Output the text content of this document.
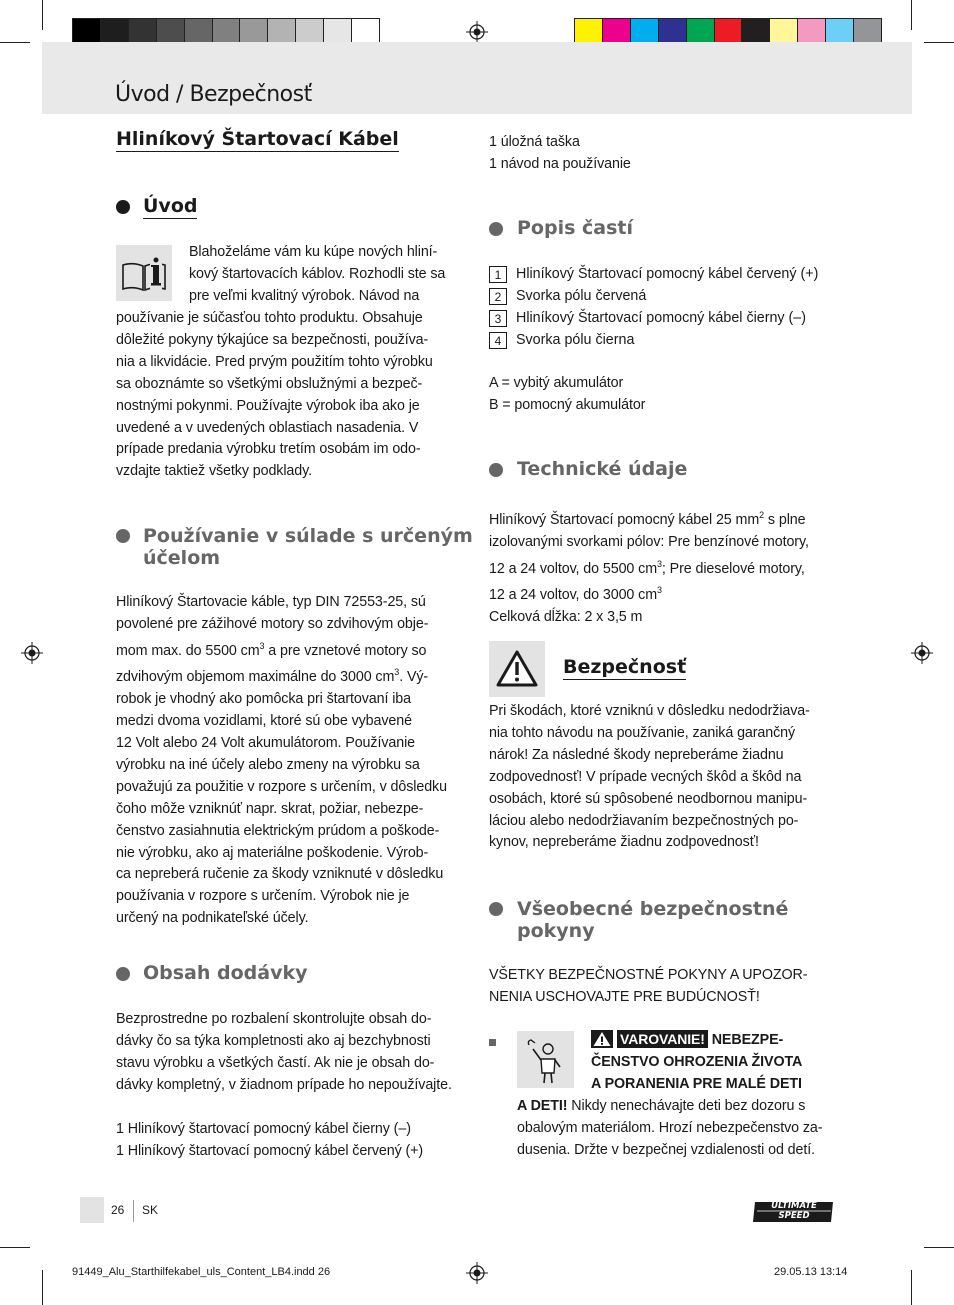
Úvod / Bezpečnosť
Hliníkový Štartovací Kábel
Úvod
Blahoželáme vám ku kúpe nových hliní-
kový štartovacích káblov. Rozhodli ste sa
pre veľmi kvalitný výrobok. Návod na
používanie je súčasťou tohto produktu. Obsahuje
dôležité pokyny týkajúce sa bezpečnosti, používa-
nia a likvidácie. Pred prvým použitím tohto výrobku
sa oboznámte so všetkými obslužnými a bezpeč-
nostnými pokynmi. Používajte výrobok iba ako je
uvedené a v uvedených oblastiach nasadenia. V
prípade predania výrobku tretím osobám im odo-
vzdajte taktiež všetky podklady.
Používanie v súlade s určeným
účelom
Hliníkový Štartovacie káble, typ DIN 72553-25, sú
povolené pre zážihové motory so zdvihovým obje-
mom max. do 5500 $cm^3$ a pre vznetové motory so
zdvihovým objemom maximálne do 3000 $cm^3$. Vý-
robok je vhodný ako pomôcka pri štartovaní iba
medzi dvoma vozidlami, ktoré sú obe vybavené
12 Volt alebo 24 Volt akumulátorom. Používanie
výrobku na iné účely alebo zmeny na výrobku sa
považujú za použitie v rozpore s určením, v dôsledku
čoho môže vzniknúť napr. skrat, požiar, nebezpe-
čenstvo zasiahnutia elektrickým prúdom a poškode-
nie výrobku, ako aj materiálne poškodenie. Výrob-
ca nepreberá ručenie za škody vzniknuté v dôsledku
používania v rozpore s určením. Výrobok nie je
určený na podnikateľské účely.
Obsah dodávky
Bezprostredne po rozbalení skontrolujte obsah do-
dávky čo sa týka kompletnosti ako aj bezchybnosti
stavu výrobku a všetkých častí. Ak nie je obsah do-
dávky kompletný, v žiadnom prípade ho nepoužívajte.
1 Hliníkový štartovací pomocný kábel čierny (–)
1 Hliníkový štartovací pomocný kábel červený (+)
1 úložná taška
1 návod na používanie
Popis častí
1	Hliníkový Štartovací pomocný kábel červený (+)
2	Svorka pólu červená
3	Hliníkový Štartovací pomocný kábel čierny (–)
4	Svorka pólu čierna
A = vybitý akumulátor
B = pomocný akumulátor
Technické údaje
Hliníkový Štartovací pomocný kábel 25 $mm^2$ s plne
izolovanými svorkami pólov: Pre benzínové motory,
12 a 24 voltov, do 5500 $cm^3$; Pre dieselové motory,
12 a 24 voltov, do 3000 $cm^3$
Celková dĺžka: 2 x 3,5 m
Bezpečnosť
Pri škodách, ktoré vzniknú v dôsledku nedodržiava-
nia tohto návodu na používanie, zaniká garančný
nárok! Za následné škody nepreberáme žiadnu
zodpovednosť! V prípade vecných škôd a škôd na
osobách, ktoré sú spôsobené neodbornou manipu-
láciou alebo nedodržiavaním bezpečnostných po-
kynov, nepreberáme žiadnu zodpovednosť!
Všeobecné bezpečnostné
pokyny
VŠETKY BEZPEČNOSTNÉ POKYNY A UPOZOR-
NENIA USCHOVAJTE PRE BUDÚCNOSŤ!
VAROVANIE! NEBEZPE-
ČENSTVO OHROZENIA ŽIVOTA
A PORANENIA PRE MALÉ DETI
A DETI! Nikdy nenechávajte deti bez dozoru s
obalovým materiálom. Hrozí nebezpečenstvo za-
dusenia. Držte v bezpečnej vzdialenosti od detí.
26 SK	ULTIMATE SPEED
91449_Alu_Starthilfekabel_uls_Content_LB4.indd 26	29.05.13 13:14
